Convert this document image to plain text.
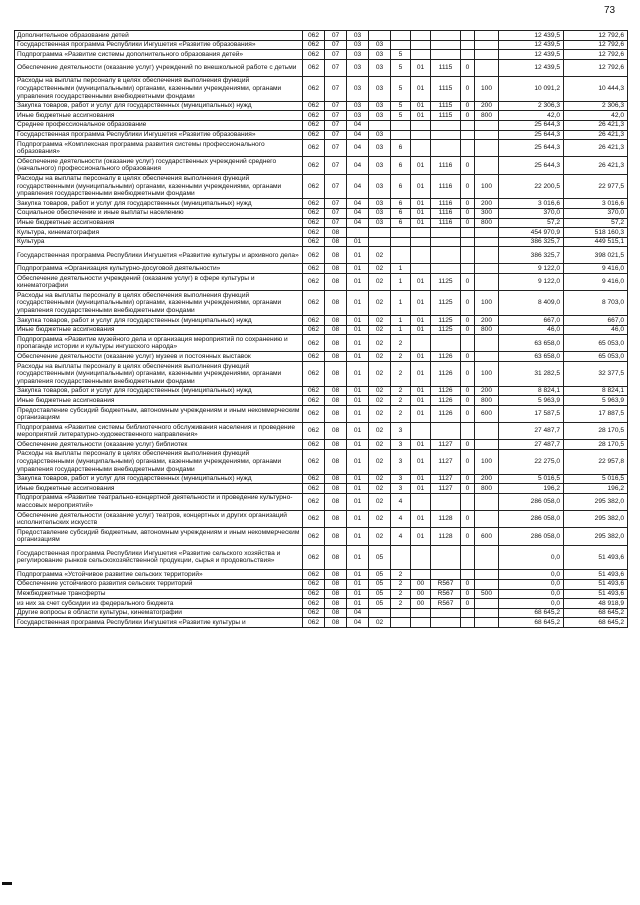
73
Дополнительное образование детей	062	07	03							12 439,5	12 792,6
Государственная программа Республики Ингушетия «Развитие образования»	062	07	03	03						12 439,5	12 792,6
Подпрограмма «Развитие системы дополнительного образования детей»	062	07	03	03	5					12 439,5	12 792,6
Обеспечение деятельности (оказание услуг) учреждений по внешкольной работе с детьми	062	07	03	03	5	01	1115	0		12 439,5	12 792,6
Расходы на выплаты персоналу в целях обеспечения выполнения функций государственными (муниципальными) органами, казенными учреждениями, органами управления государственными внебюджетными фондами	062	07	03	03	5	01	1115	0	100	10 091,2	10 444,3
Закупка товаров, работ и услуг для государственных (муниципальных) нужд	062	07	03	03	5	01	1115	0	200	2 306,3	2 306,3
Иные бюджетные ассигнования	062	07	03	03	5	01	1115	0	800	42,0	42,0
Среднее профессиональное образование	062	07	04							25 644,3	26 421,3
Государственная программа Республики Ингушетия «Развитие образования»	062	07	04	03						25 644,3	26 421,3
Подпрограмма «Комплексная программа развития системы профессионального образования»	062	07	04	03	6					25 644,3	26 421,3
Обеспечение деятельности (оказание услуг) государственных учреждений среднего (начального) профессионального образования	062	07	04	03	6	01	1116	0		25 644,3	26 421,3
Расходы на выплаты персоналу в целях обеспечения выполнения функций государственными (муниципальными) органами, казенными учреждениями, органами управления государственными внебюджетными фондами	062	07	04	03	6	01	1116	0	100	22 200,5	22 977,5
Закупка товаров, работ и услуг для государственных (муниципальных) нужд	062	07	04	03	6	01	1116	0	200	3 016,6	3 016,6
Социальное обеспечение и иные выплаты населению	062	07	04	03	6	01	1116	0	300	370,0	370,0
Иные бюджетные ассигнования	062	07	04	03	6	01	1116	0	800	57,2	57,2
Культура, кинематография	062	08								454 970,9	518 160,3
Культура	062	08	01							386 325,7	449 515,1
Государственная программа Республики Ингушетия «Развитие культуры и архивного дела»	062	08	01	02						386 325,7	398 021,5
Подпрограмма «Организация культурно-досуговой деятельности»	062	08	01	02	1					9 122,0	9 416,0
Обеспечение деятельности учреждений (оказание услуг) в сфере культуры и кинематографии	062	08	01	02	1	01	1125	0		9 122,0	9 416,0
Расходы на выплаты персоналу в целях обеспечения выполнения функций государственными (муниципальными) органами, казенными учреждениями, органами управления государственными внебюджетными фондами	062	08	01	02	1	01	1125	0	100	8 409,0	8 703,0
Закупка товаров, работ и услуг для государственных (муниципальных) нужд	062	08	01	02	1	01	1125	0	200	667,0	667,0
Иные бюджетные ассигнования	062	08	01	02	1	01	1125	0	800	46,0	46,0
Подпрограмма «Развитие музейного дела и организация мероприятий по сохранению и пропаганде истории и культуры ингушского народа»	062	08	01	02	2					63 658,0	65 053,0
Обеспечение деятельности (оказание услуг) музеев и постоянных выставок	062	08	01	02	2	01	1126	0		63 658,0	65 053,0
Расходы на выплаты персоналу в целях обеспечения выполнения функций государственными (муниципальными) органами, казенными учреждениями, органами управления государственными внебюджетными фондами	062	08	01	02	2	01	1126	0	100	31 282,5	32 377,5
Закупка товаров, работ и услуг для государственных (муниципальных) нужд	062	08	01	02	2	01	1126	0	200	8 824,1	8 824,1
Иные бюджетные ассигнования	062	08	01	02	2	01	1126	0	800	5 963,9	5 963,9
Предоставление субсидий бюджетным, автономным учреждениям и иным некоммерческим организациям	062	08	01	02	2	01	1126	0	600	17 587,5	17 887,5
Подпрограмма «Развитие системы библиотечного обслуживания населения и проведение мероприятий литературно-художественного направления»	062	08	01	02	3					27 487,7	28 170,5
Обеспечение деятельности (оказание услуг) библиотек	062	08	01	02	3	01	1127	0		27 487,7	28 170,5
Расходы на выплаты персоналу в целях обеспечения выполнения функций государственными (муниципальными) органами, казенными учреждениями, органами управления государственными внебюджетными фондами	062	08	01	02	3	01	1127	0	100	22 275,0	22 957,8
Закупка товаров, работ и услуг для государственных (муниципальных) нужд	062	08	01	02	3	01	1127	0	200	5 016,5	5 016,5
Иные бюджетные ассигнования	062	08	01	02	3	01	1127	0	800	196,2	196,2
Подпрограмма «Развитие театрально-концертной деятельности и проведение культурно-массовых мероприятий»	062	08	01	02	4					286 058,0	295 382,0
Обеспечение деятельности (оказание услуг) театров, концертных и других организаций исполнительских искусств	062	08	01	02	4	01	1128	0		286 058,0	295 382,0
Предоставление субсидий бюджетным, автономным учреждениям и иным некоммерческим организациям	062	08	01	02	4	01	1128	0	600	286 058,0	295 382,0
Государственная программа Республики Ингушетия «Развитие сельского хозяйства и регулирование рынков сельскохозяйственной продукции, сырья и продовольствия»	062	08	01	05						0,0	51 493,6
Подпрограмма «Устойчивое развитие сельских территорий»	062	08	01	05	2					0,0	51 493,6
Обеспечение устойчивого развития сельских территорий	062	08	01	05	2	00	R567	0		0,0	51 493,6
Межбюджетные трансферты	062	08	01	05	2	00	R567	0	500	0,0	51 493,6
из них за счет субсидии из федерального бюджета	062	08	01	05	2	00	R567	0		0,0	48 918,9
Другие вопросы в области культуры, кинематографии	062	08	04							68 645,2	68 645,2
Государственная программа Республики Ингушетия «Развитие культуры и	062	08	04	02						68 645,2	68 645,2
